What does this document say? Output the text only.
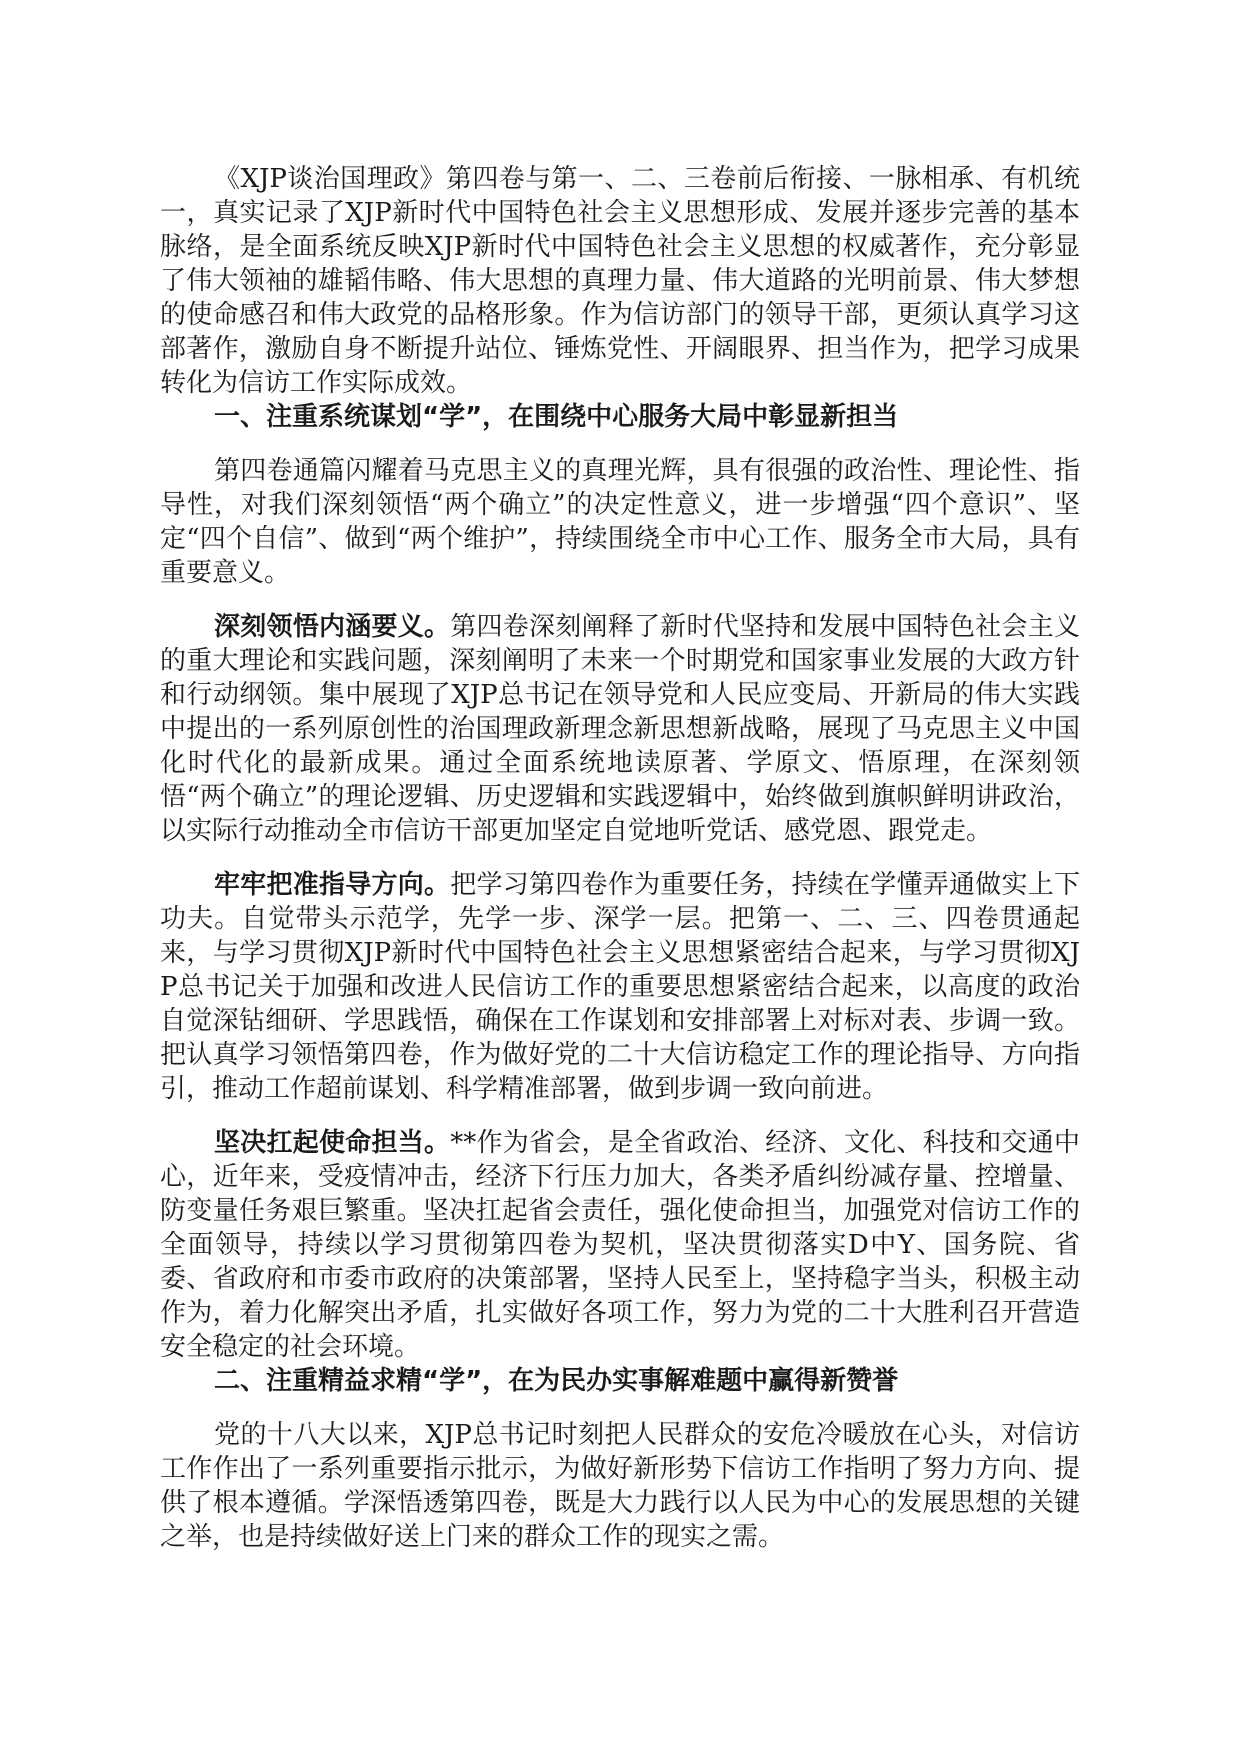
《XJP谈治国理政》第四卷与第一、二、三卷前后衔接、一脉相承、有机统一，真实记录了XJP新时代中国特色社会主义思想形成、发展并逐步完善的基本脉络，是全面系统反映XJP新时代中国特色社会主义思想的权威著作，充分彰显了伟大领袖的雄韬伟略、伟大思想的真理力量、伟大道路的光明前景、伟大梦想的使命感召和伟大政党的品格形象。作为信访部门的领导干部，更须认真学习这部著作，激励自身不断提升站位、锤炼党性、开阔眼界、担当作为，把学习成果转化为信访工作实际成效。

一、注重系统谋划“学”，在围绕中心服务大局中彰显新担当

第四卷通篇闪耀着马克思主义的真理光辉，具有很强的政治性、理论性、指导性，对我们深刻领悟“两个确立”的决定性意义，进一步增强“四个意识”、坚定“四个自信”、做到“两个维护”，持续围绕全市中心工作、服务全市大局，具有重要意义。

深刻领悟内涵要义。第四卷深刻阐释了新时代坚持和发展中国特色社会主义的重大理论和实践问题，深刻阐明了未来一个时期党和国家事业发展的大政方针和行动纲领。集中展现了XJP总书记在领导党和人民应变局、开新局的伟大实践中提出的一系列原创性的治国理政新理念新思想新战略，展现了马克思主义中国化时代化的最新成果。通过全面系统地读原著、学原文、悟原理，在深刻领悟“两个确立”的理论逻辑、历史逻辑和实践逻辑中，始终做到旗帜鲜明讲政治，以实际行动推动全市信访干部更加坚定自觉地听党话、感党恩、跟党走。

牢牢把准指导方向。把学习第四卷作为重要任务，持续在学懂弄通做实上下功夫。自觉带头示范学，先学一步、深学一层。把第一、二、三、四卷贯通起来，与学习贯彻XJP新时代中国特色社会主义思想紧密结合起来，与学习贯彻XJP总书记关于加强和改进人民信访工作的重要思想紧密结合起来，以高度的政治自觉深钻细研、学思践悟，确保在工作谋划和安排部署上对标对表、步调一致。把认真学习领悟第四卷，作为做好党的二十大信访稳定工作的理论指导、方向指引，推动工作超前谋划、科学精准部署，做到步调一致向前进。

坚决扛起使命担当。**作为省会，是全省政治、经济、文化、科技和交通中心，近年来，受疫情冲击，经济下行压力加大，各类矛盾纠纷减存量、控增量、防变量任务艰巨繁重。坚决扛起省会责任，强化使命担当，加强党对信访工作的全面领导，持续以学习贯彻第四卷为契机，坚决贯彻落实D中Y、国务院、省委、省政府和市委市政府的决策部署，坚持人民至上，坚持稳字当头，积极主动作为，着力化解突出矛盾，扎实做好各项工作，努力为党的二十大胜利召开营造安全稳定的社会环境。

二、注重精益求精“学”，在为民办实事解难题中赢得新赞誉

党的十八大以来，XJP总书记时刻把人民群众的安危冷暖放在心头，对信访工作作出了一系列重要指示批示，为做好新形势下信访工作指明了努力方向、提供了根本遵循。学深悟透第四卷，既是大力践行以人民为中心的发展思想的关键之举，也是持续做好送上门来的群众工作的现实之需。
